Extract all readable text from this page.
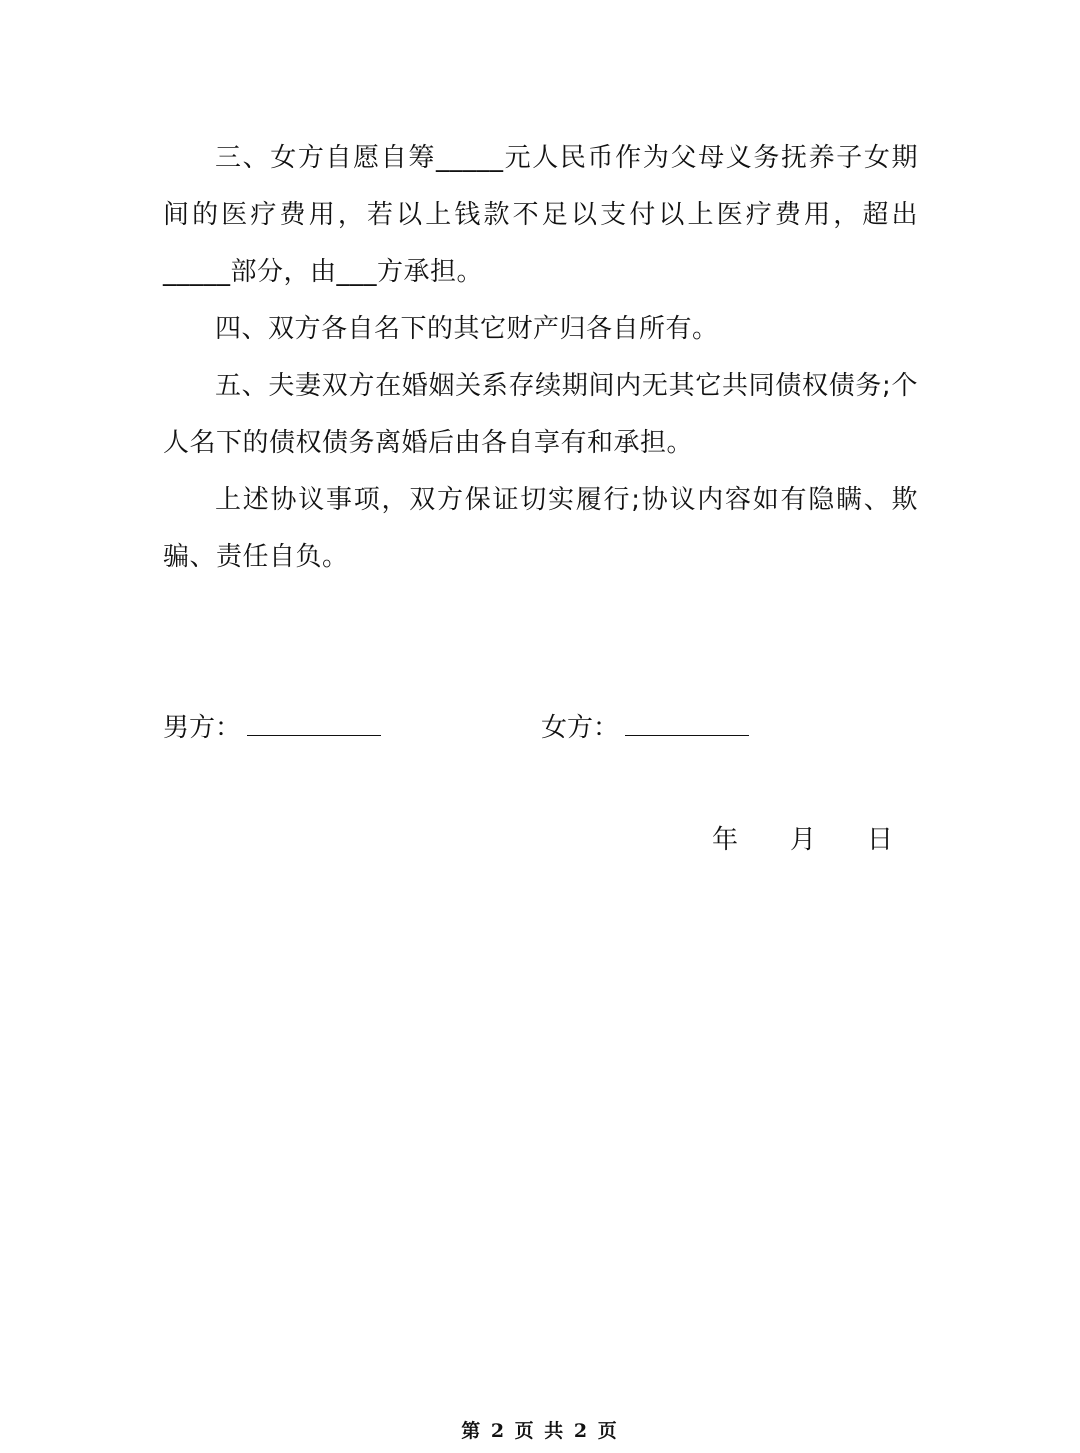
三、女方自愿自筹_____元人民币作为父母义务抚养子女期间的医疗费用，若以上钱款不足以支付以上医疗费用，超出_____部分，由___方承担。

四、双方各自名下的其它财产归各自所有。

五、夫妻双方在婚姻关系存续期间内无其它共同债权债务;个人名下的债权债务离婚后由各自享有和承担。

上述协议事项，双方保证切实履行;协议内容如有隐瞒、欺骗、责任自负。

男方：	女方：
年 月 日
第 2 页 共 2 页
